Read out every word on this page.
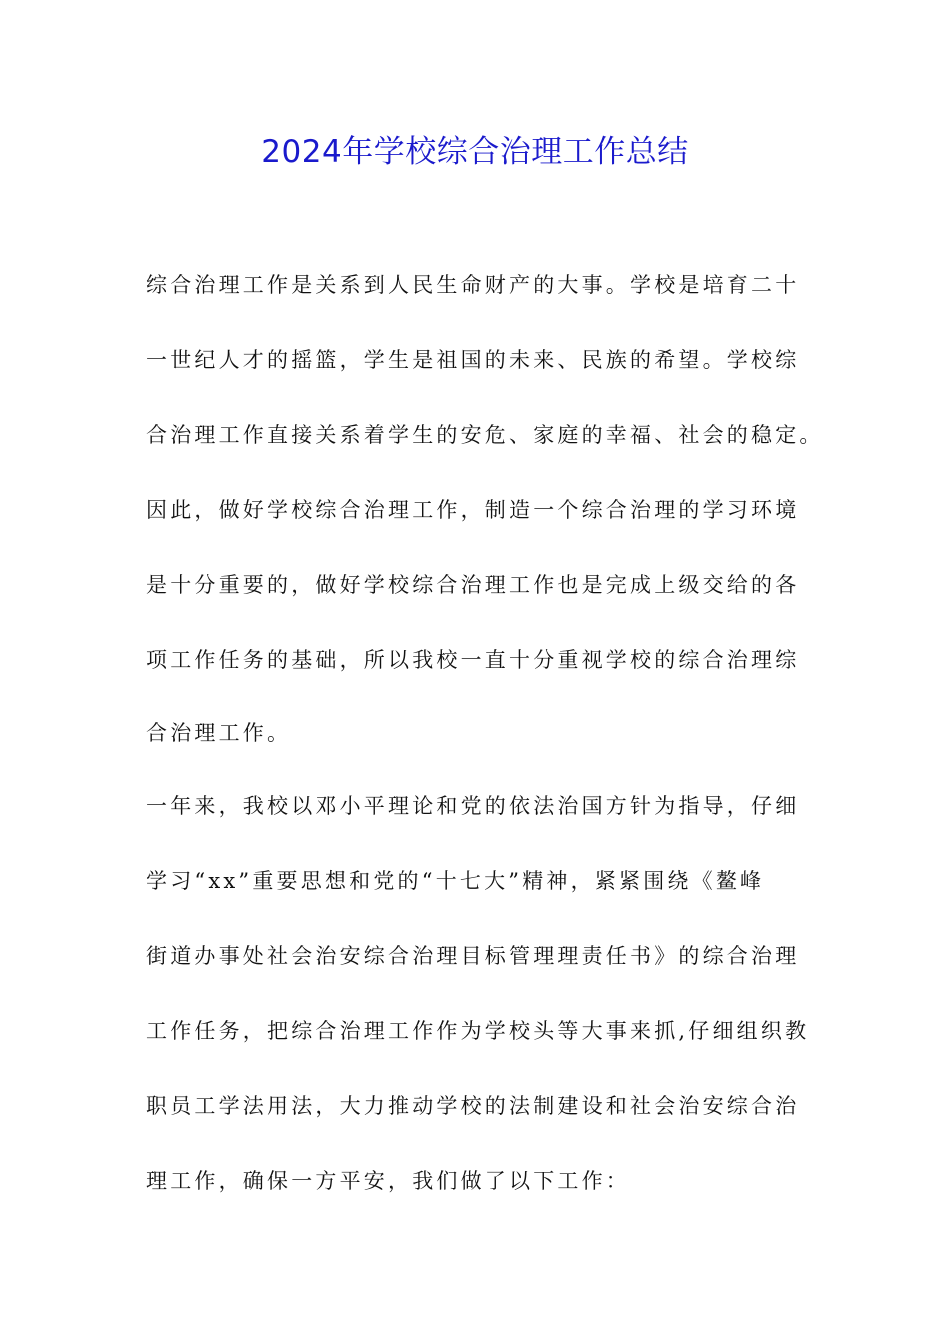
2024年学校综合治理工作总结
综合治理工作是关系到人民生命财产的大事。学校是培育二十
一世纪人才的摇篮，学生是祖国的未来、民族的希望。学校综
合治理工作直接关系着学生的安危、家庭的幸福、社会的稳定。
因此，做好学校综合治理工作，制造一个综合治理的学习环境
是十分重要的，做好学校综合治理工作也是完成上级交给的各
项工作任务的基础，所以我校一直十分重视学校的综合治理综
合治理工作。
一年来，我校以邓小平理论和党的依法治国方针为指导，仔细
学习“xx”重要思想和党的“十七大”精神，紧紧围绕《鳌峰
街道办事处社会治安综合治理目标管理理责任书》的综合治理
工作任务，把综合治理工作作为学校头等大事来抓,仔细组织教
职员工学法用法，大力推动学校的法制建设和社会治安综合治
理工作，确保一方平安，我们做了以下工作：
